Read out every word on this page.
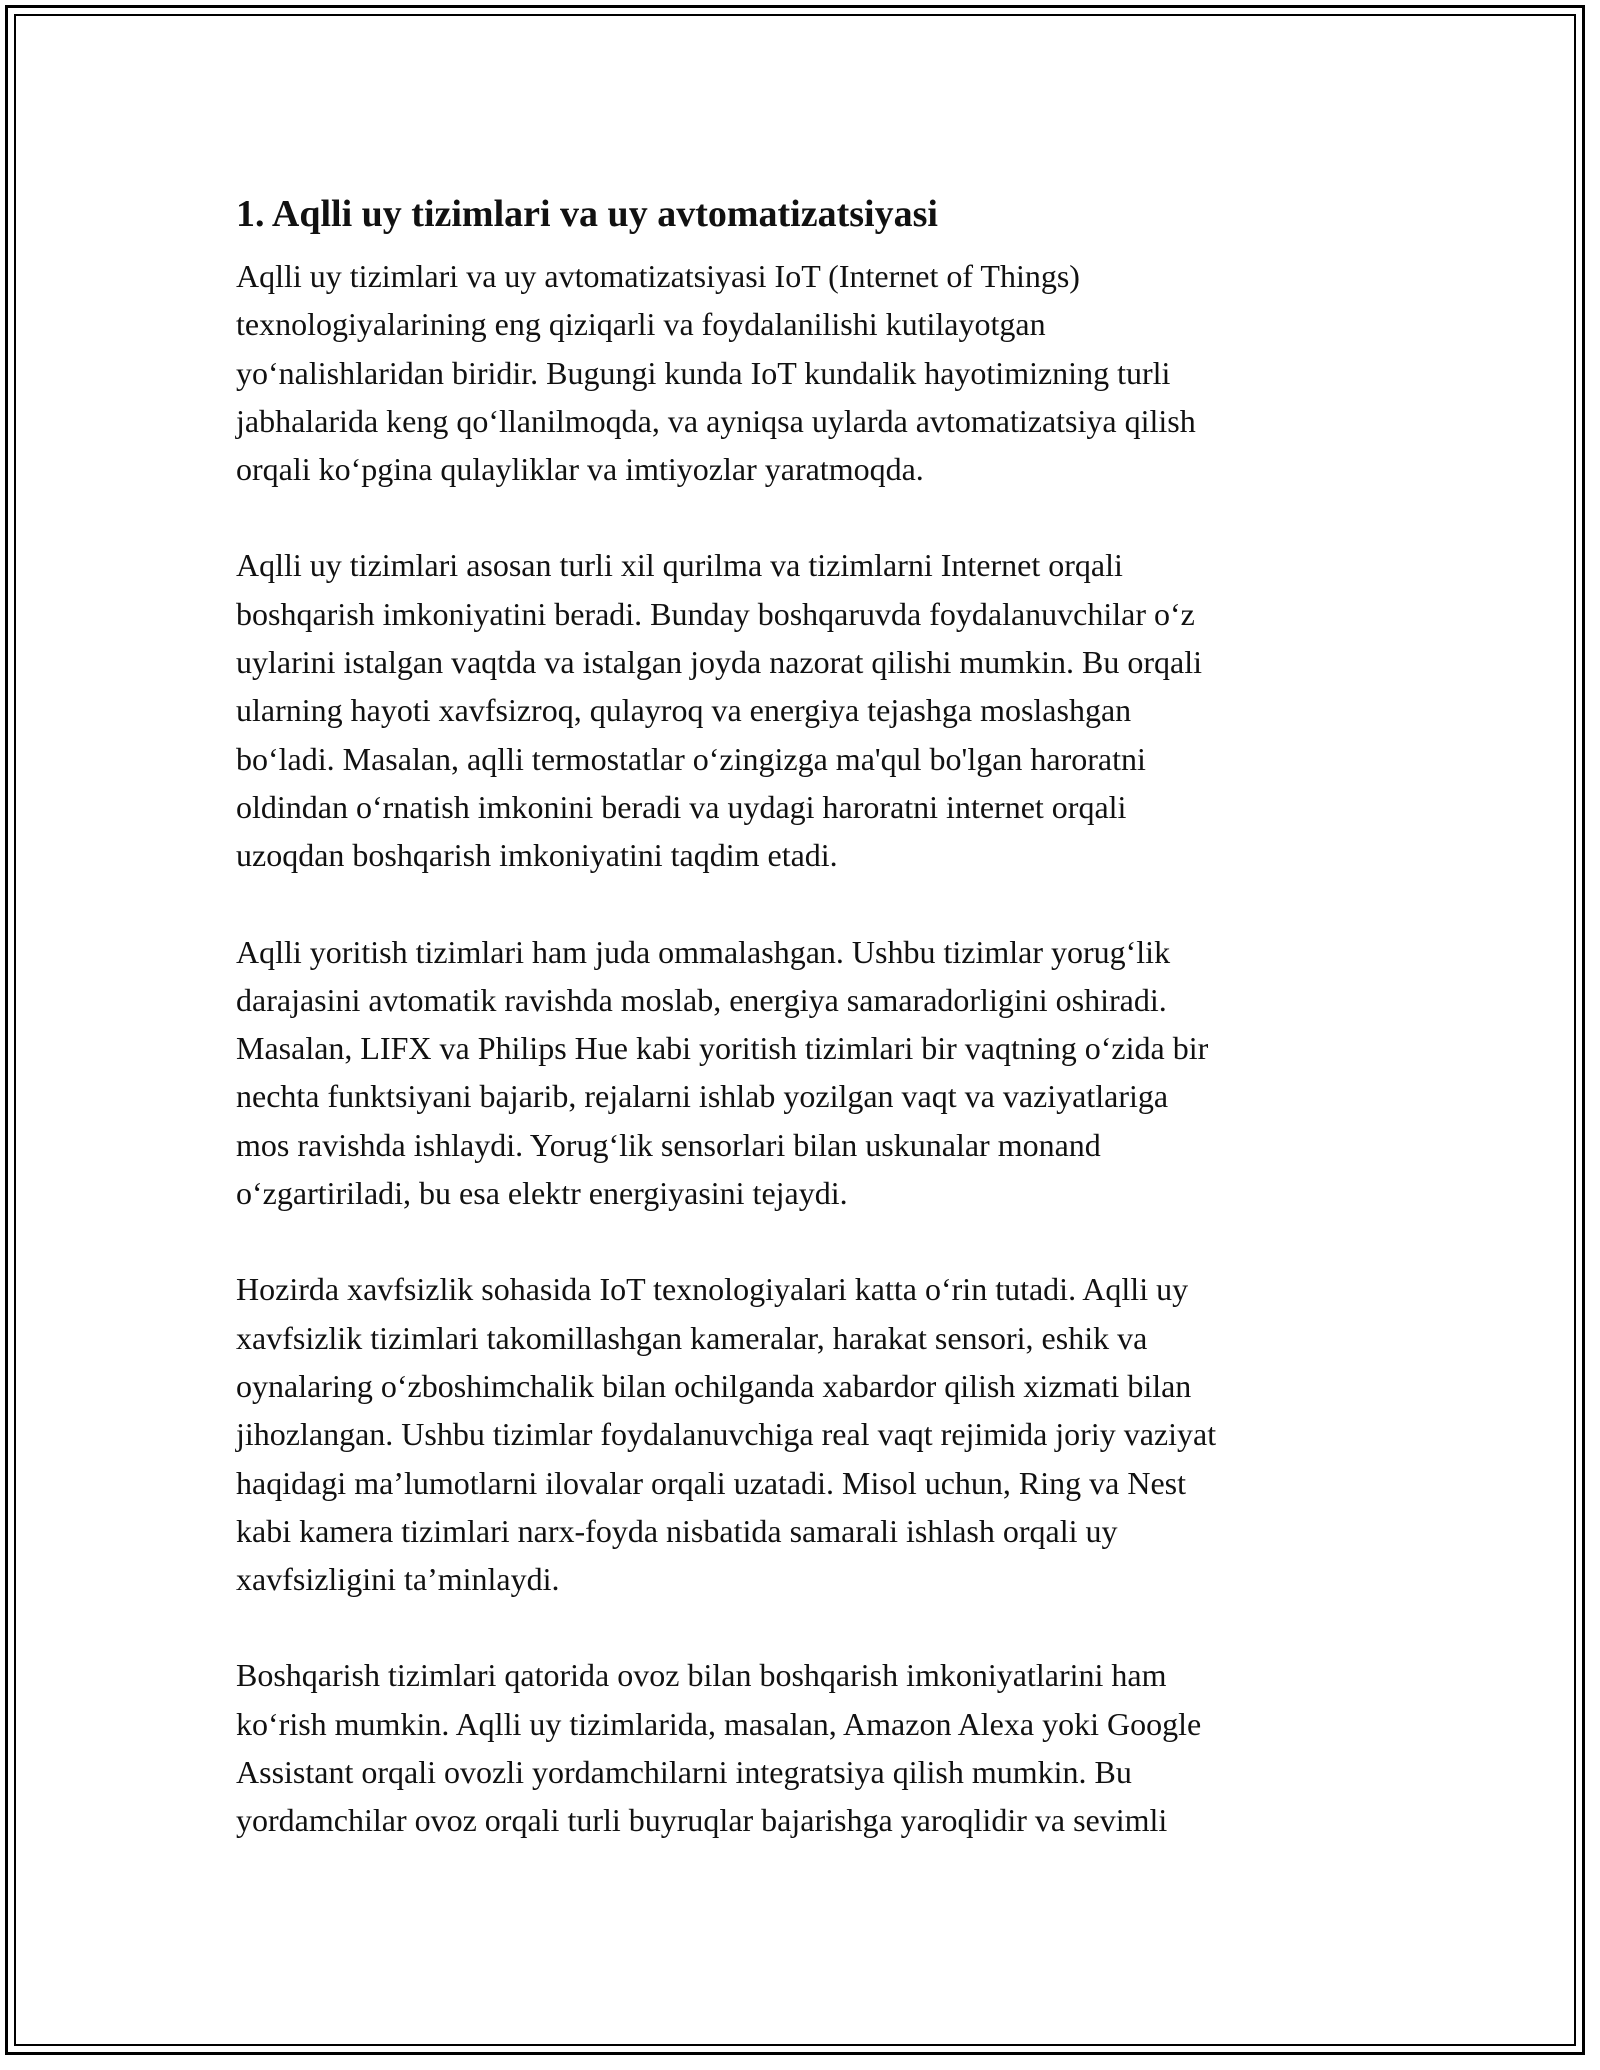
1. Aqlli uy tizimlari va uy avtomatizatsiyasi

Aqlli uy tizimlari va uy avtomatizatsiyasi IoT (Internet of Things)
texnologiyalarining eng qiziqarli va foydalanilishi kutilayotgan
yo‘nalishlaridan biridir. Bugungi kunda IoT kundalik hayotimizning turli
jabhalarida keng qo‘llanilmoqda, va ayniqsa uylarda avtomatizatsiya qilish
orqali ko‘pgina qulayliklar va imtiyozlar yaratmoqda.

Aqlli uy tizimlari asosan turli xil qurilma va tizimlarni Internet orqali
boshqarish imkoniyatini beradi. Bunday boshqaruvda foydalanuvchilar o‘z
uylarini istalgan vaqtda va istalgan joyda nazorat qilishi mumkin. Bu orqali
ularning hayoti xavfsizroq, qulayroq va energiya tejashga moslashgan
bo‘ladi. Masalan, aqlli termostatlar o‘zingizga ma'qul bo'lgan haroratni
oldindan o‘rnatish imkonini beradi va uydagi haroratni internet orqali
uzoqdan boshqarish imkoniyatini taqdim etadi.

Aqlli yoritish tizimlari ham juda ommalashgan. Ushbu tizimlar yorug‘lik
darajasini avtomatik ravishda moslab, energiya samaradorligini oshiradi.
Masalan, LIFX va Philips Hue kabi yoritish tizimlari bir vaqtning o‘zida bir
nechta funktsiyani bajarib, rejalarni ishlab yozilgan vaqt va vaziyatlariga
mos ravishda ishlaydi. Yorug‘lik sensorlari bilan uskunalar monand
o‘zgartiriladi, bu esa elektr energiyasini tejaydi.

Hozirda xavfsizlik sohasida IoT texnologiyalari katta o‘rin tutadi. Aqlli uy
xavfsizlik tizimlari takomillashgan kameralar, harakat sensori, eshik va
oynalaring o‘zboshimchalik bilan ochilganda xabardor qilish xizmati bilan
jihozlangan. Ushbu tizimlar foydalanuvchiga real vaqt rejimida joriy vaziyat
haqidagi ma’lumotlarni ilovalar orqali uzatadi. Misol uchun, Ring va Nest
kabi kamera tizimlari narx-foyda nisbatida samarali ishlash orqali uy
xavfsizligini ta’minlaydi.

Boshqarish tizimlari qatorida ovoz bilan boshqarish imkoniyatlarini ham
ko‘rish mumkin. Aqlli uy tizimlarida, masalan, Amazon Alexa yoki Google
Assistant orqali ovozli yordamchilarni integratsiya qilish mumkin. Bu
yordamchilar ovoz orqali turli buyruqlar bajarishga yaroqlidir va sevimli
